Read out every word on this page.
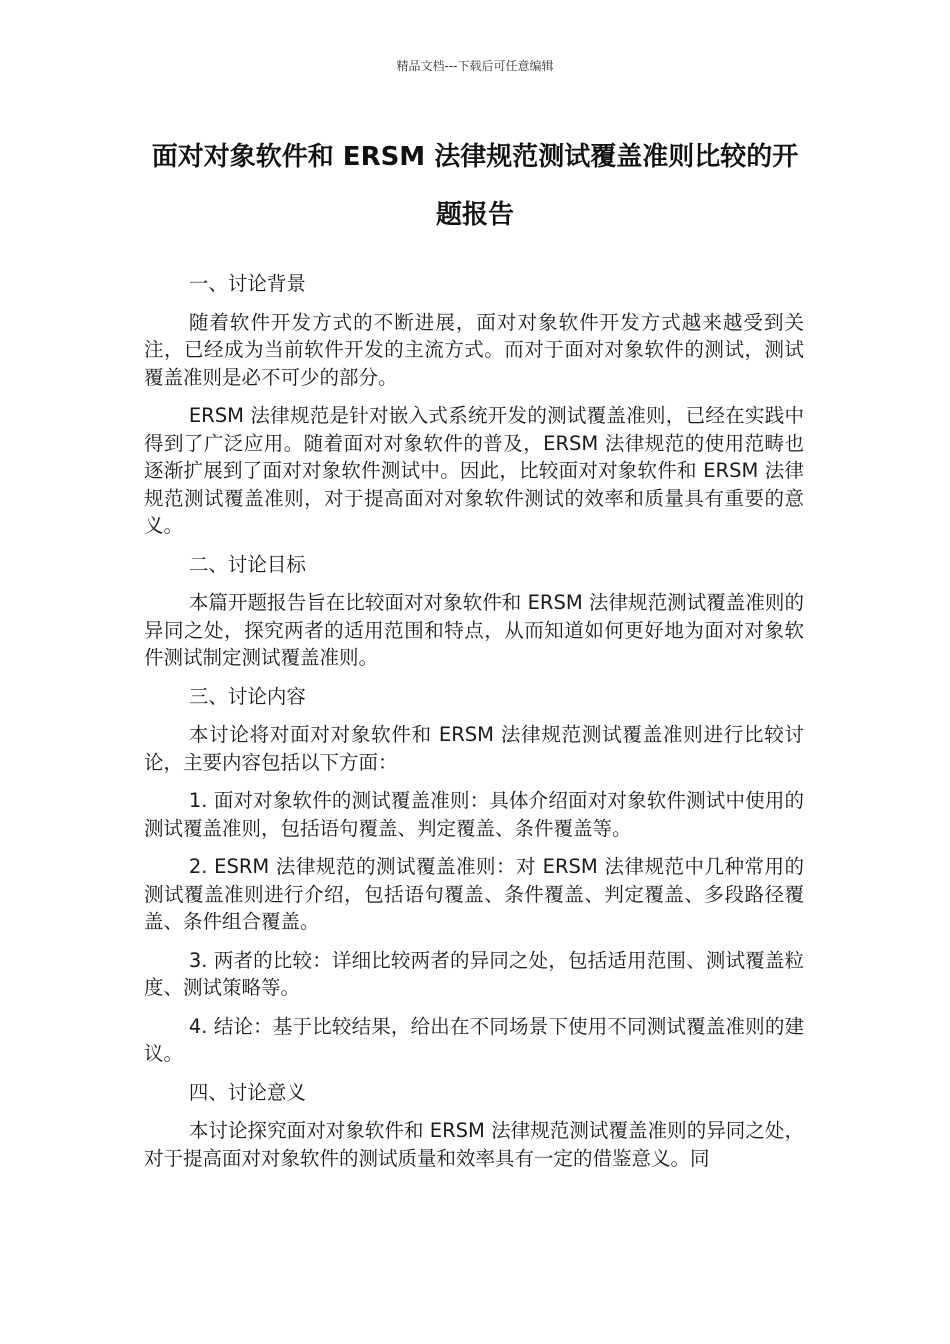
精品文档---下载后可任意编辑
面对对象软件和 ERSM 法律规范测试覆盖准则比较的开题报告

一、讨论背景

随着软件开发方式的不断进展，面对对象软件开发方式越来越受到关注，已经成为当前软件开发的主流方式。而对于面对对象软件的测试，测试覆盖准则是必不可少的部分。

ERSM 法律规范是针对嵌入式系统开发的测试覆盖准则，已经在实践中得到了广泛应用。随着面对对象软件的普及，ERSM 法律规范的使用范畴也逐渐扩展到了面对对象软件测试中。因此，比较面对对象软件和 ERSM 法律规范测试覆盖准则，对于提高面对对象软件测试的效率和质量具有重要的意义。

二、讨论目标

本篇开题报告旨在比较面对对象软件和 ERSM 法律规范测试覆盖准则的异同之处，探究两者的适用范围和特点，从而知道如何更好地为面对对象软件测试制定测试覆盖准则。

三、讨论内容

本讨论将对面对对象软件和 ERSM 法律规范测试覆盖准则进行比较讨论，主要内容包括以下方面：

1. 面对对象软件的测试覆盖准则：具体介绍面对对象软件测试中使用的测试覆盖准则，包括语句覆盖、判定覆盖、条件覆盖等。

2. ESRM 法律规范的测试覆盖准则：对 ERSM 法律规范中几种常用的测试覆盖准则进行介绍，包括语句覆盖、条件覆盖、判定覆盖、多段路径覆盖、条件组合覆盖。

3. 两者的比较：详细比较两者的异同之处，包括适用范围、测试覆盖粒度、测试策略等。

4. 结论：基于比较结果，给出在不同场景下使用不同测试覆盖准则的建议。

四、讨论意义

本讨论探究面对对象软件和 ERSM 法律规范测试覆盖准则的异同之处，对于提高面对对象软件的测试质量和效率具有一定的借鉴意义。同
